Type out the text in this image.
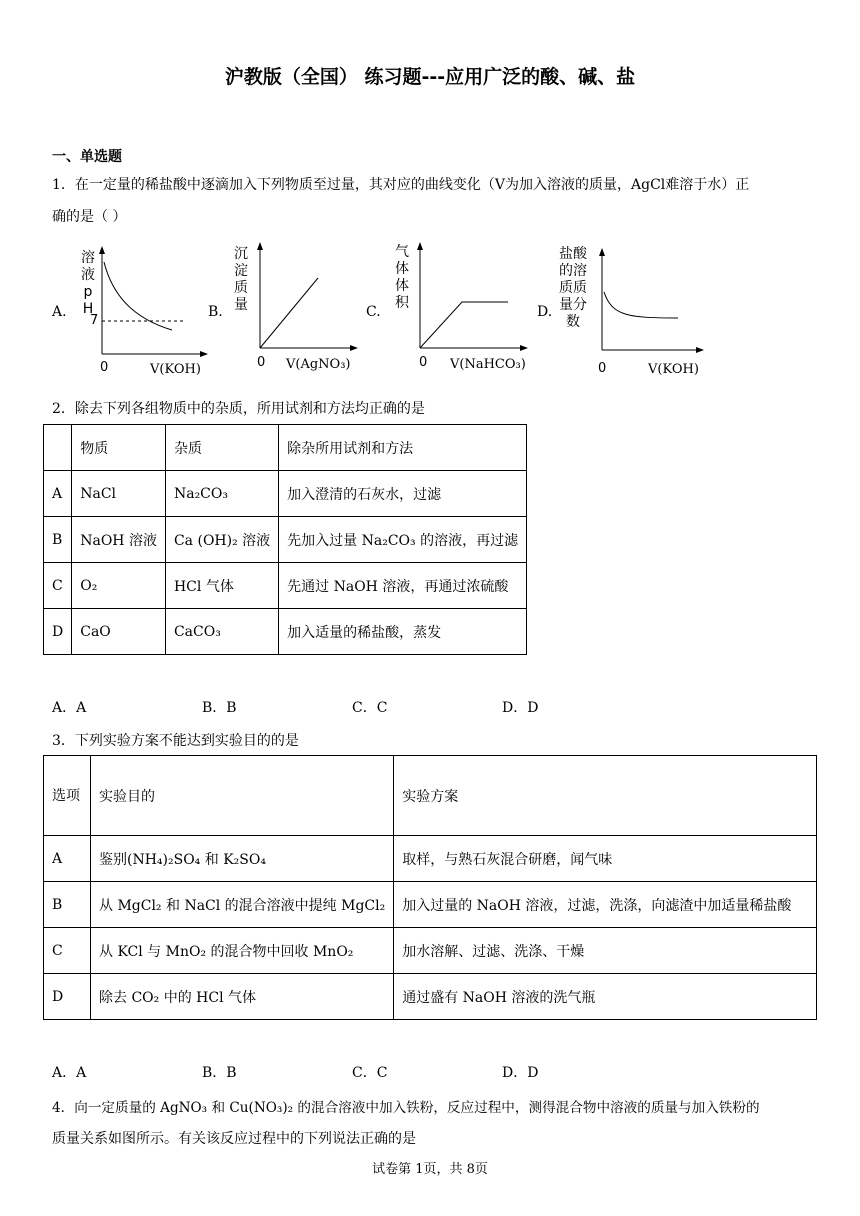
沪教版（全国） 练习题---应用广泛的酸、碱、盐
一、单选题
1．在一定量的稀盐酸中逐滴加入下列物质至过量，其对应的曲线变化（V为加入溶液的质量，AgCl难溶于水）正
确的是（ ）
A.
溶液pH
7
0	V(KOH)
B.
沉淀质量
0 V(AgNO₃)
C.
气体体积
0 V(NaHCO₃)
D.
盐酸的溶质质量分数
0	V(KOH)
2．除去下列各组物质中的杂质，所用试剂和方法均正确的是
	物质	杂质	除杂所用试剂和方法
A	NaCl	Na₂CO₃	加入澄清的石灰水，过滤
B	NaOH 溶液	Ca (OH)₂ 溶液	先加入过量 Na₂CO₃ 的溶液，再过滤
C	O₂	HCl 气体	先通过 NaOH 溶液，再通过浓硫酸
D	CaO	CaCO₃	加入适量的稀盐酸，蒸发
A．A	B．B	C．C	D．D
3．下列实验方案不能达到实验目的的是
选项	实验目的	实验方案
A	鉴别(NH₄)₂SO₄ 和 K₂SO₄	取样，与熟石灰混合研磨，闻气味
B	从 MgCl₂ 和 NaCl 的混合溶液中提纯 MgCl₂	加入过量的 NaOH 溶液，过滤，洗涤，向滤渣中加适量稀盐酸
C	从 KCl 与 MnO₂ 的混合物中回收 MnO₂	加水溶解、过滤、洗涤、干燥
D	除去 CO₂ 中的 HCl 气体	通过盛有 NaOH 溶液的洗气瓶
A．A	B．B	C．C	D．D
4．向一定质量的 AgNO₃ 和 Cu(NO₃)₂ 的混合溶液中加入铁粉，反应过程中，测得混合物中溶液的质量与加入铁粉的
质量关系如图所示。有关该反应过程中的下列说法正确的是
试卷第 1页，共 8页
